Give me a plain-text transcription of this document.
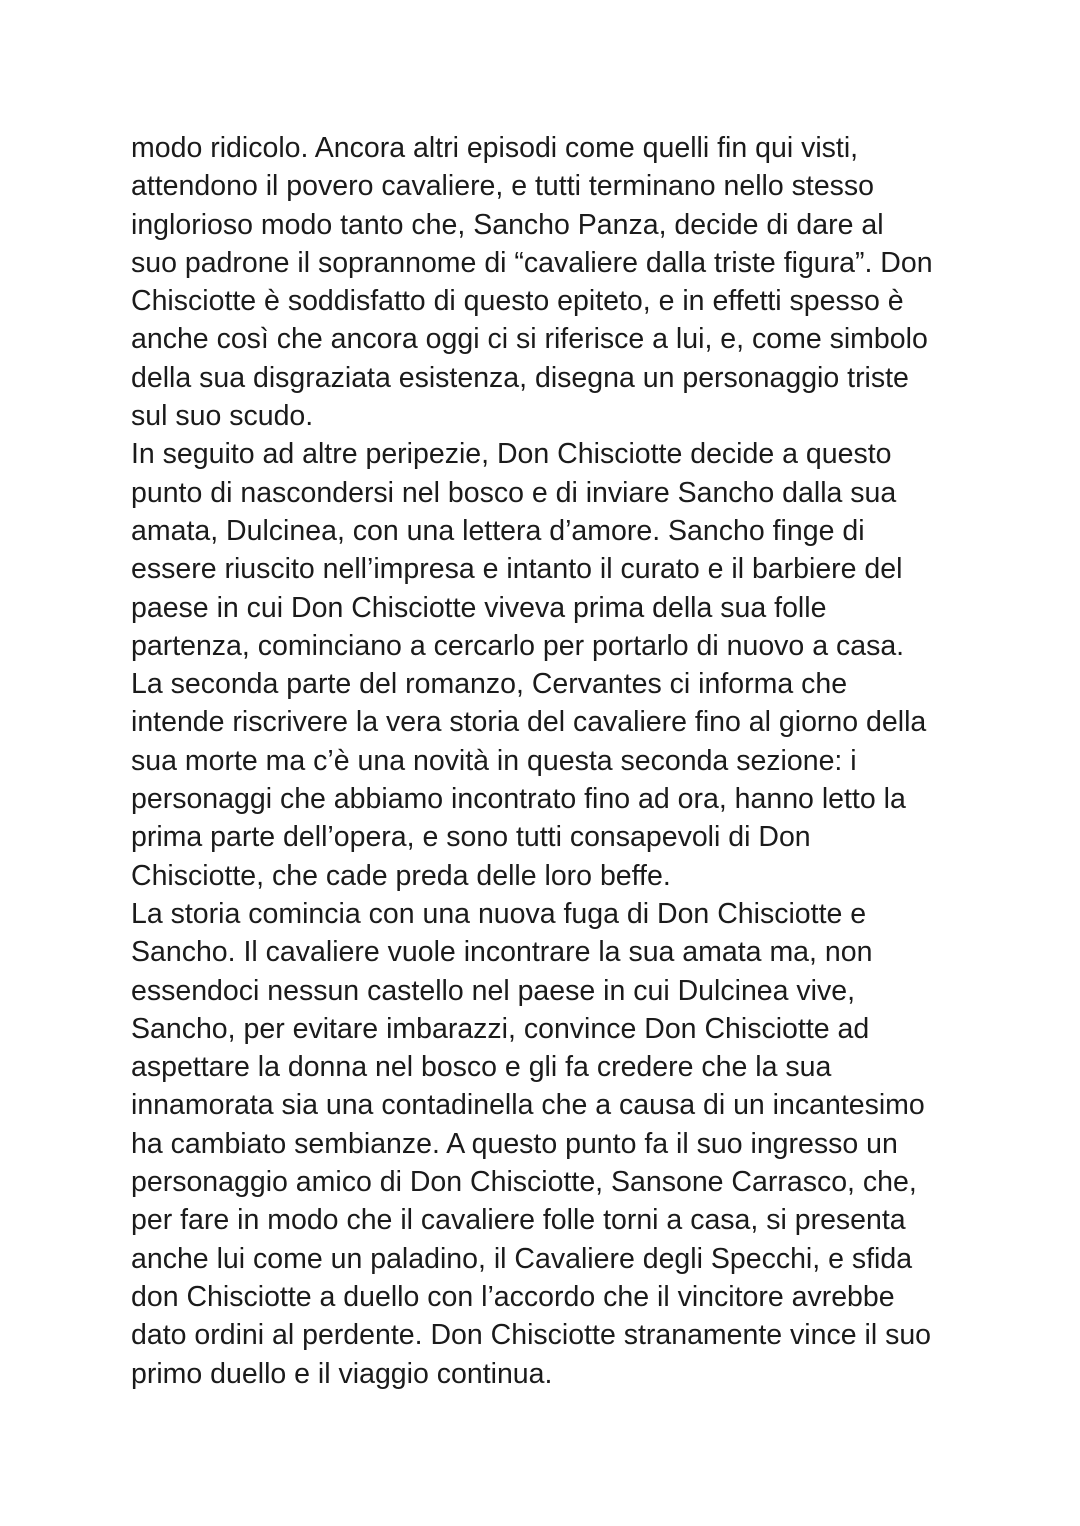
modo ridicolo. Ancora altri episodi come quelli fin qui visti,
attendono il povero cavaliere, e tutti terminano nello stesso
inglorioso modo tanto che, Sancho Panza, decide di dare al
suo padrone il soprannome di “cavaliere dalla triste figura”. Don
Chisciotte è soddisfatto di questo epiteto, e in effetti spesso è
anche così che ancora oggi ci si riferisce a lui, e, come simbolo
della sua disgraziata esistenza, disegna un personaggio triste
sul suo scudo.
In seguito ad altre peripezie, Don Chisciotte decide a questo
punto di nascondersi nel bosco e di inviare Sancho dalla sua
amata, Dulcinea, con una lettera d’amore. Sancho finge di
essere riuscito nell’impresa e intanto il curato e il barbiere del
paese in cui Don Chisciotte viveva prima della sua folle
partenza, cominciano a cercarlo per portarlo di nuovo a casa.
La seconda parte del romanzo, Cervantes ci informa che
intende riscrivere la vera storia del cavaliere fino al giorno della
sua morte ma c’è una novità in questa seconda sezione: i
personaggi che abbiamo incontrato fino ad ora, hanno letto la
prima parte dell’opera, e sono tutti consapevoli di Don
Chisciotte, che cade preda delle loro beffe.
La storia comincia con una nuova fuga di Don Chisciotte e
Sancho. Il cavaliere vuole incontrare la sua amata ma, non
essendoci nessun castello nel paese in cui Dulcinea vive,
Sancho, per evitare imbarazzi, convince Don Chisciotte ad
aspettare la donna nel bosco e gli fa credere che la sua
innamorata sia una contadinella che a causa di un incantesimo
ha cambiato sembianze. A questo punto fa il suo ingresso un
personaggio amico di Don Chisciotte, Sansone Carrasco, che,
per fare in modo che il cavaliere folle torni a casa, si presenta
anche lui come un paladino, il Cavaliere degli Specchi, e sfida
don Chisciotte a duello con l’accordo che il vincitore avrebbe
dato ordini al perdente. Don Chisciotte stranamente vince il suo
primo duello e il viaggio continua.
